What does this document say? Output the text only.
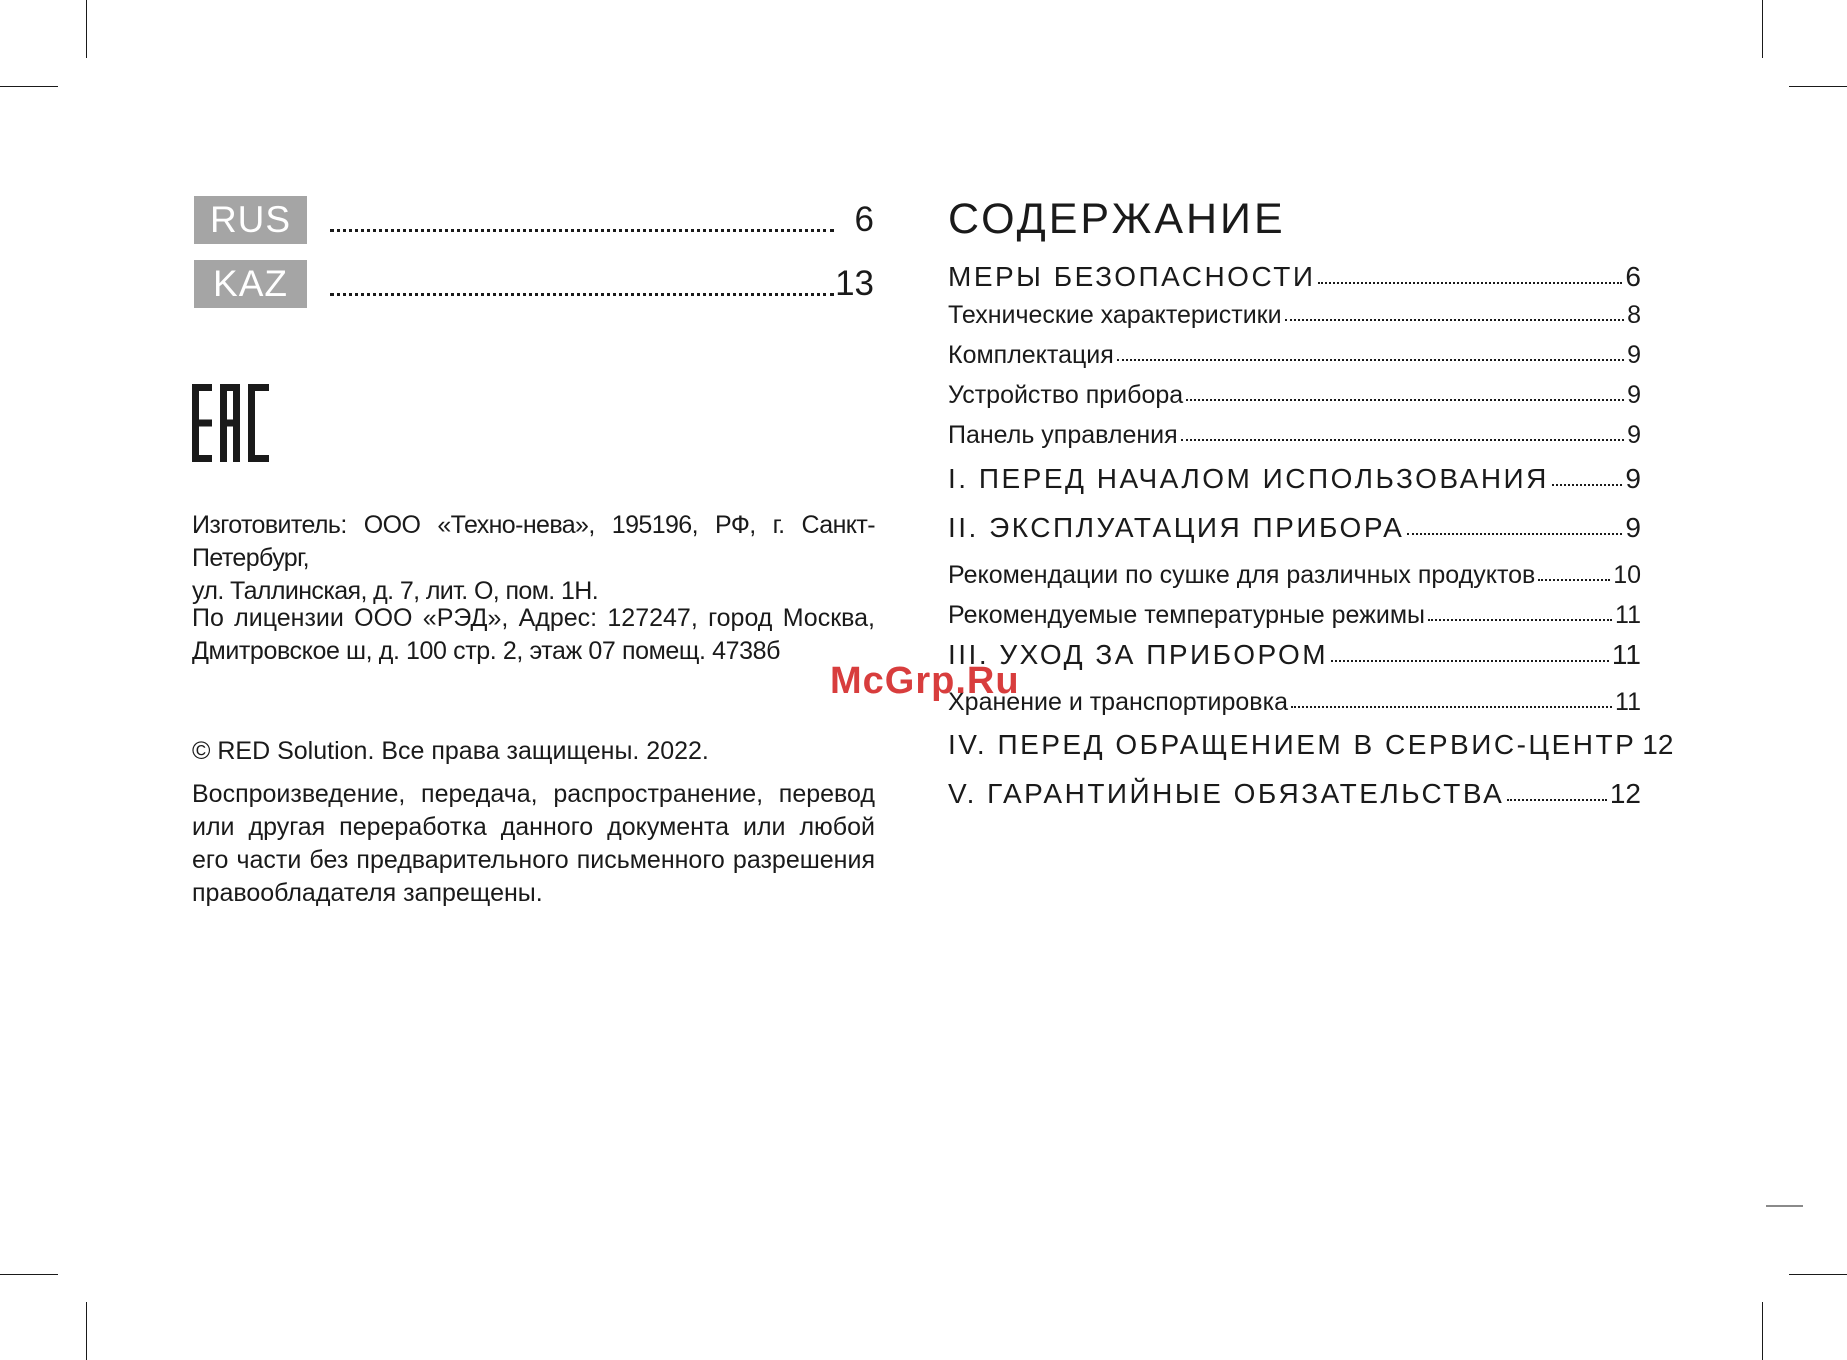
RUS	6
KAZ	13

Изготовитель: ООО «Техно-нева», 195196, РФ, г. Санкт-Петербург,

ул. Таллинская, д. 7, лит. О, пом. 1Н.

По лицензии ООО «РЭД», Адрес: 127247, город Москва,

Дмитровское ш, д. 100 стр. 2, этаж 07 помещ. 4738б

© RED Solution. Все права защищены. 2022.

Воспроизведение, передача, распространение, перевод или другая переработка данного документа или любой его части без предварительного письменного разрешения правообладателя запрещены.

СОДЕРЖАНИЕ
МЕРЫ БЕЗОПАСНОСТИ	6
Технические характеристики	8
Комплектация	9
Устройство прибора	9
Панель управления	9
I. ПЕРЕД НАЧАЛОМ ИСПОЛЬЗОВАНИЯ	9
II. ЭКСПЛУАТАЦИЯ ПРИБОРА	9
Рекомендации по сушке для различных продуктов	10
Рекомендуемые температурные режимы	11
III. УХОД ЗА ПРИБОРОМ	11
Хранение и транспортировка	11
IV. ПЕРЕД ОБРАЩЕНИЕМ В СЕРВИС-ЦЕНТР 12
V. ГАРАНТИЙНЫЕ ОБЯЗАТЕЛЬСТВА	12
McGrp.Ru
